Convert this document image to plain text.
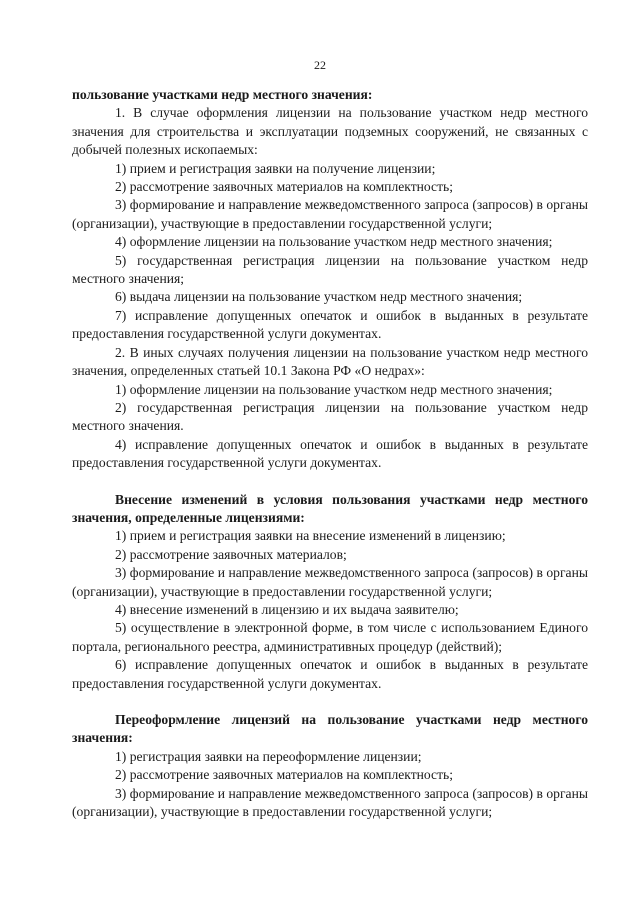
22

пользование участками недр местного значения:

1. В случае оформления лицензии на пользование участком недр местного значения для строительства и эксплуатации подземных сооружений, не связанных с добычей полезных ископаемых:

1) прием и регистрация заявки на получение лицензии;

2) рассмотрение заявочных материалов на комплектность;

3) формирование и направление межведомственного запроса (запросов) в органы (организации), участвующие в предоставлении государственной услуги;

4) оформление лицензии на пользование участком недр местного значения;

5) государственная регистрация лицензии на пользование участком недр местного значения;

6) выдача лицензии на пользование участком недр местного значения;

7) исправление допущенных опечаток и ошибок в выданных в результате предоставления государственной услуги документах.

2. В иных случаях получения лицензии на пользование участком недр местного значения, определенных статьей 10.1 Закона РФ «О недрах»:

1) оформление лицензии на пользование участком недр местного значения;

2) государственная регистрация лицензии на пользование участком недр местного значения.

4) исправление допущенных опечаток и ошибок в выданных в результате предоставления государственной услуги документах.

Внесение изменений в условия пользования участками недр местного значения, определенные лицензиями:

1) прием и регистрация заявки на внесение изменений в лицензию;

2) рассмотрение заявочных материалов;

3) формирование и направление межведомственного запроса (запросов) в органы (организации), участвующие в предоставлении государственной услуги;

4) внесение изменений в лицензию и их выдача заявителю;

5) осуществление в электронной форме, в том числе с использованием Единого портала, регионального реестра, административных процедур (действий);

6) исправление допущенных опечаток и ошибок в выданных в результате предоставления государственной услуги документах.

Переоформление лицензий на пользование участками недр местного значения:

1) регистрация заявки на переоформление лицензии;

2) рассмотрение заявочных материалов на комплектность;

3) формирование и направление межведомственного запроса (запросов) в органы (организации), участвующие в предоставлении государственной услуги;
